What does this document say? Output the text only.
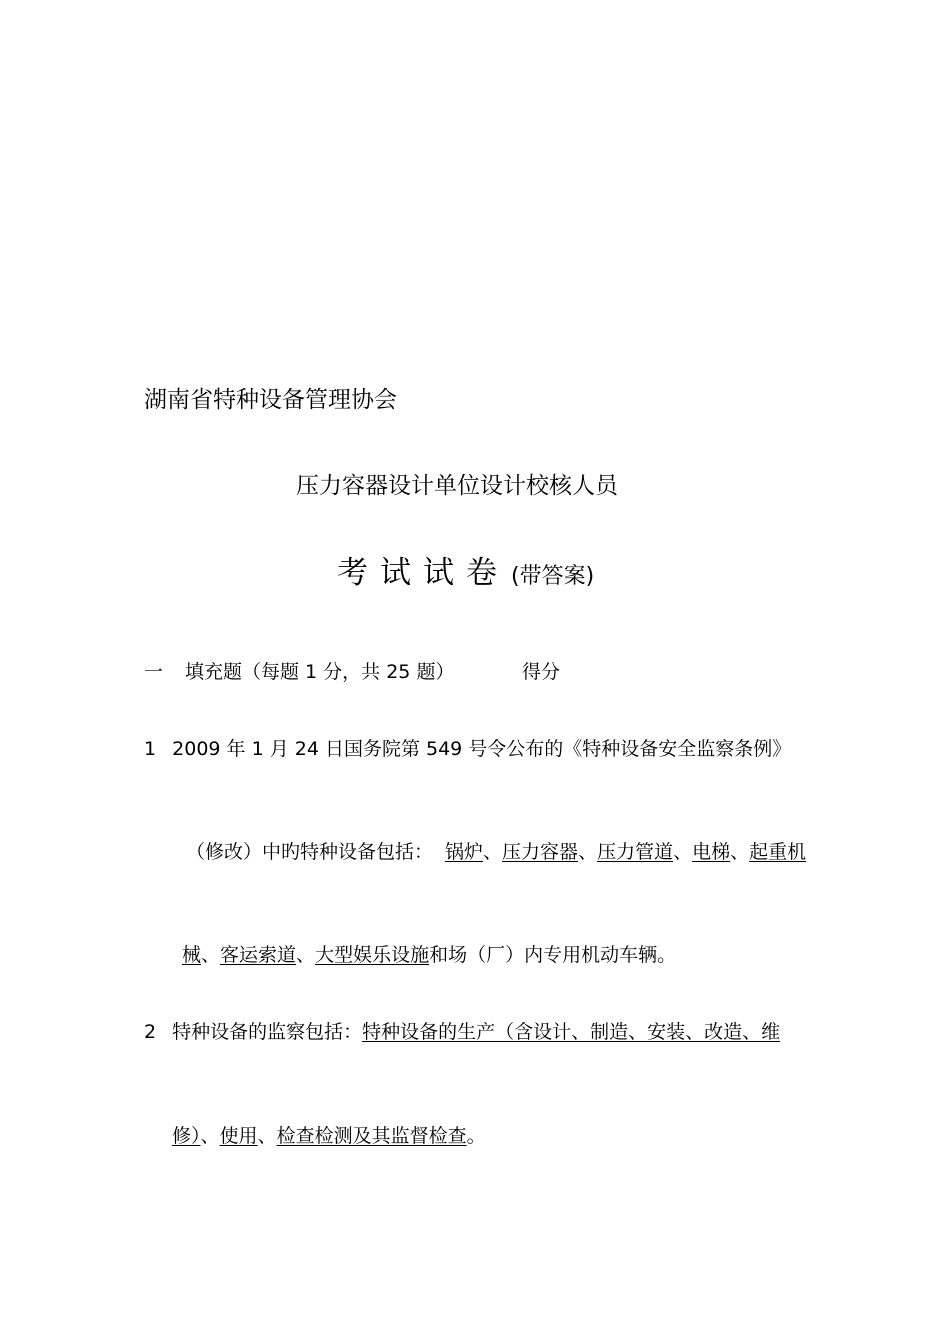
湖南省特种设备管理协会
压力容器设计单位设计校核人员
考试试卷(带答案)
一 填充题（每题 1 分，共 25 题）	得分
1 2009 年 1 月 24 日国务院第 549 号令公布的《特种设备安全监察条例》
（修改）中旳特种设备包括： 锅炉、压力容器、压力管道、电梯、起重机
械、客运索道、大型娱乐设施和场（厂）内专用机动车辆。
2 特种设备的监察包括：特种设备的生产（含设计、制造、安装、改造、维
修）、使用、检查检测及其监督检查。
